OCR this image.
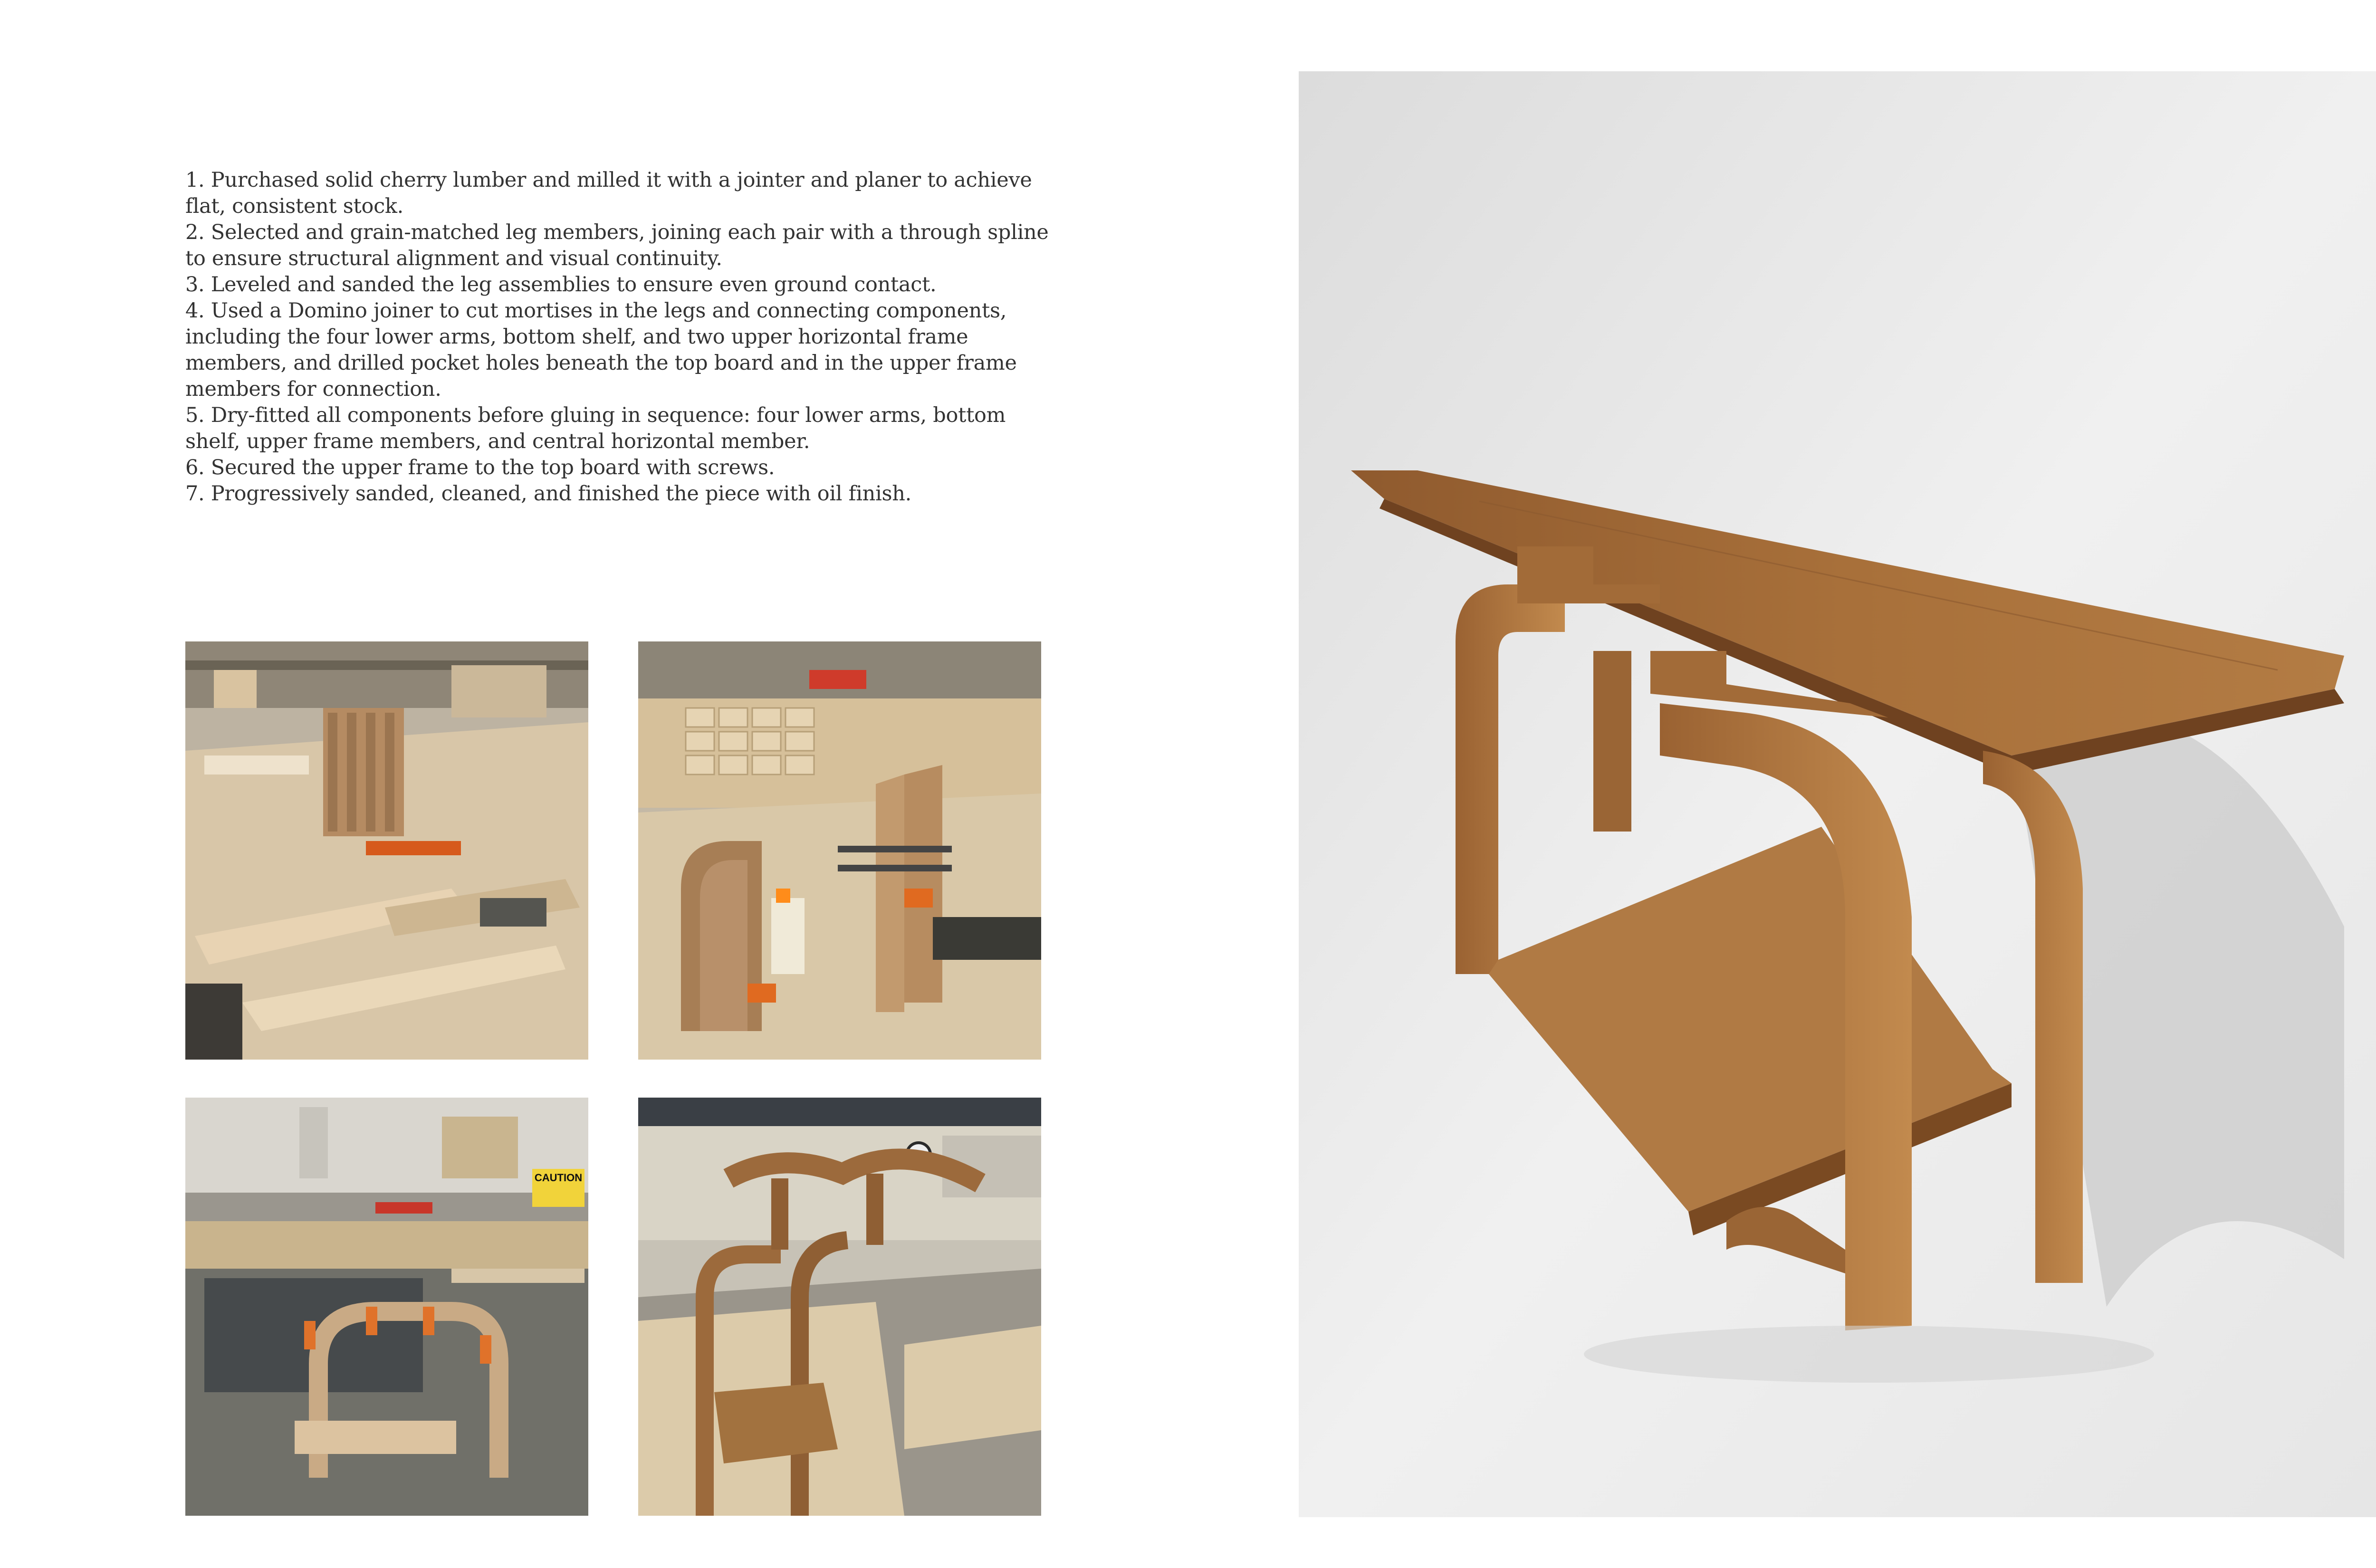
1. Purchased solid cherry lumber and milled it with a jointer and planer to achieve flat, consistent stock.
2. Selected and grain-matched leg members, joining each pair with a through spline to ensure structural alignment and visual continuity.
3. Leveled and sanded the leg assemblies to ensure even ground contact.
4. Used a Domino joiner to cut mortises in the legs and connecting components, including the four lower arms, bottom shelf, and two upper horizontal frame members, and drilled pocket holes beneath the top board and in the upper frame members for connection.
5. Dry-fitted all components before gluing in sequence: four lower arms, bottom shelf, upper frame members, and central horizontal member.
6. Secured the upper frame to the top board with screws.
7. Progressively sanded, cleaned, and finished the piece with oil finish.
CAUTION
